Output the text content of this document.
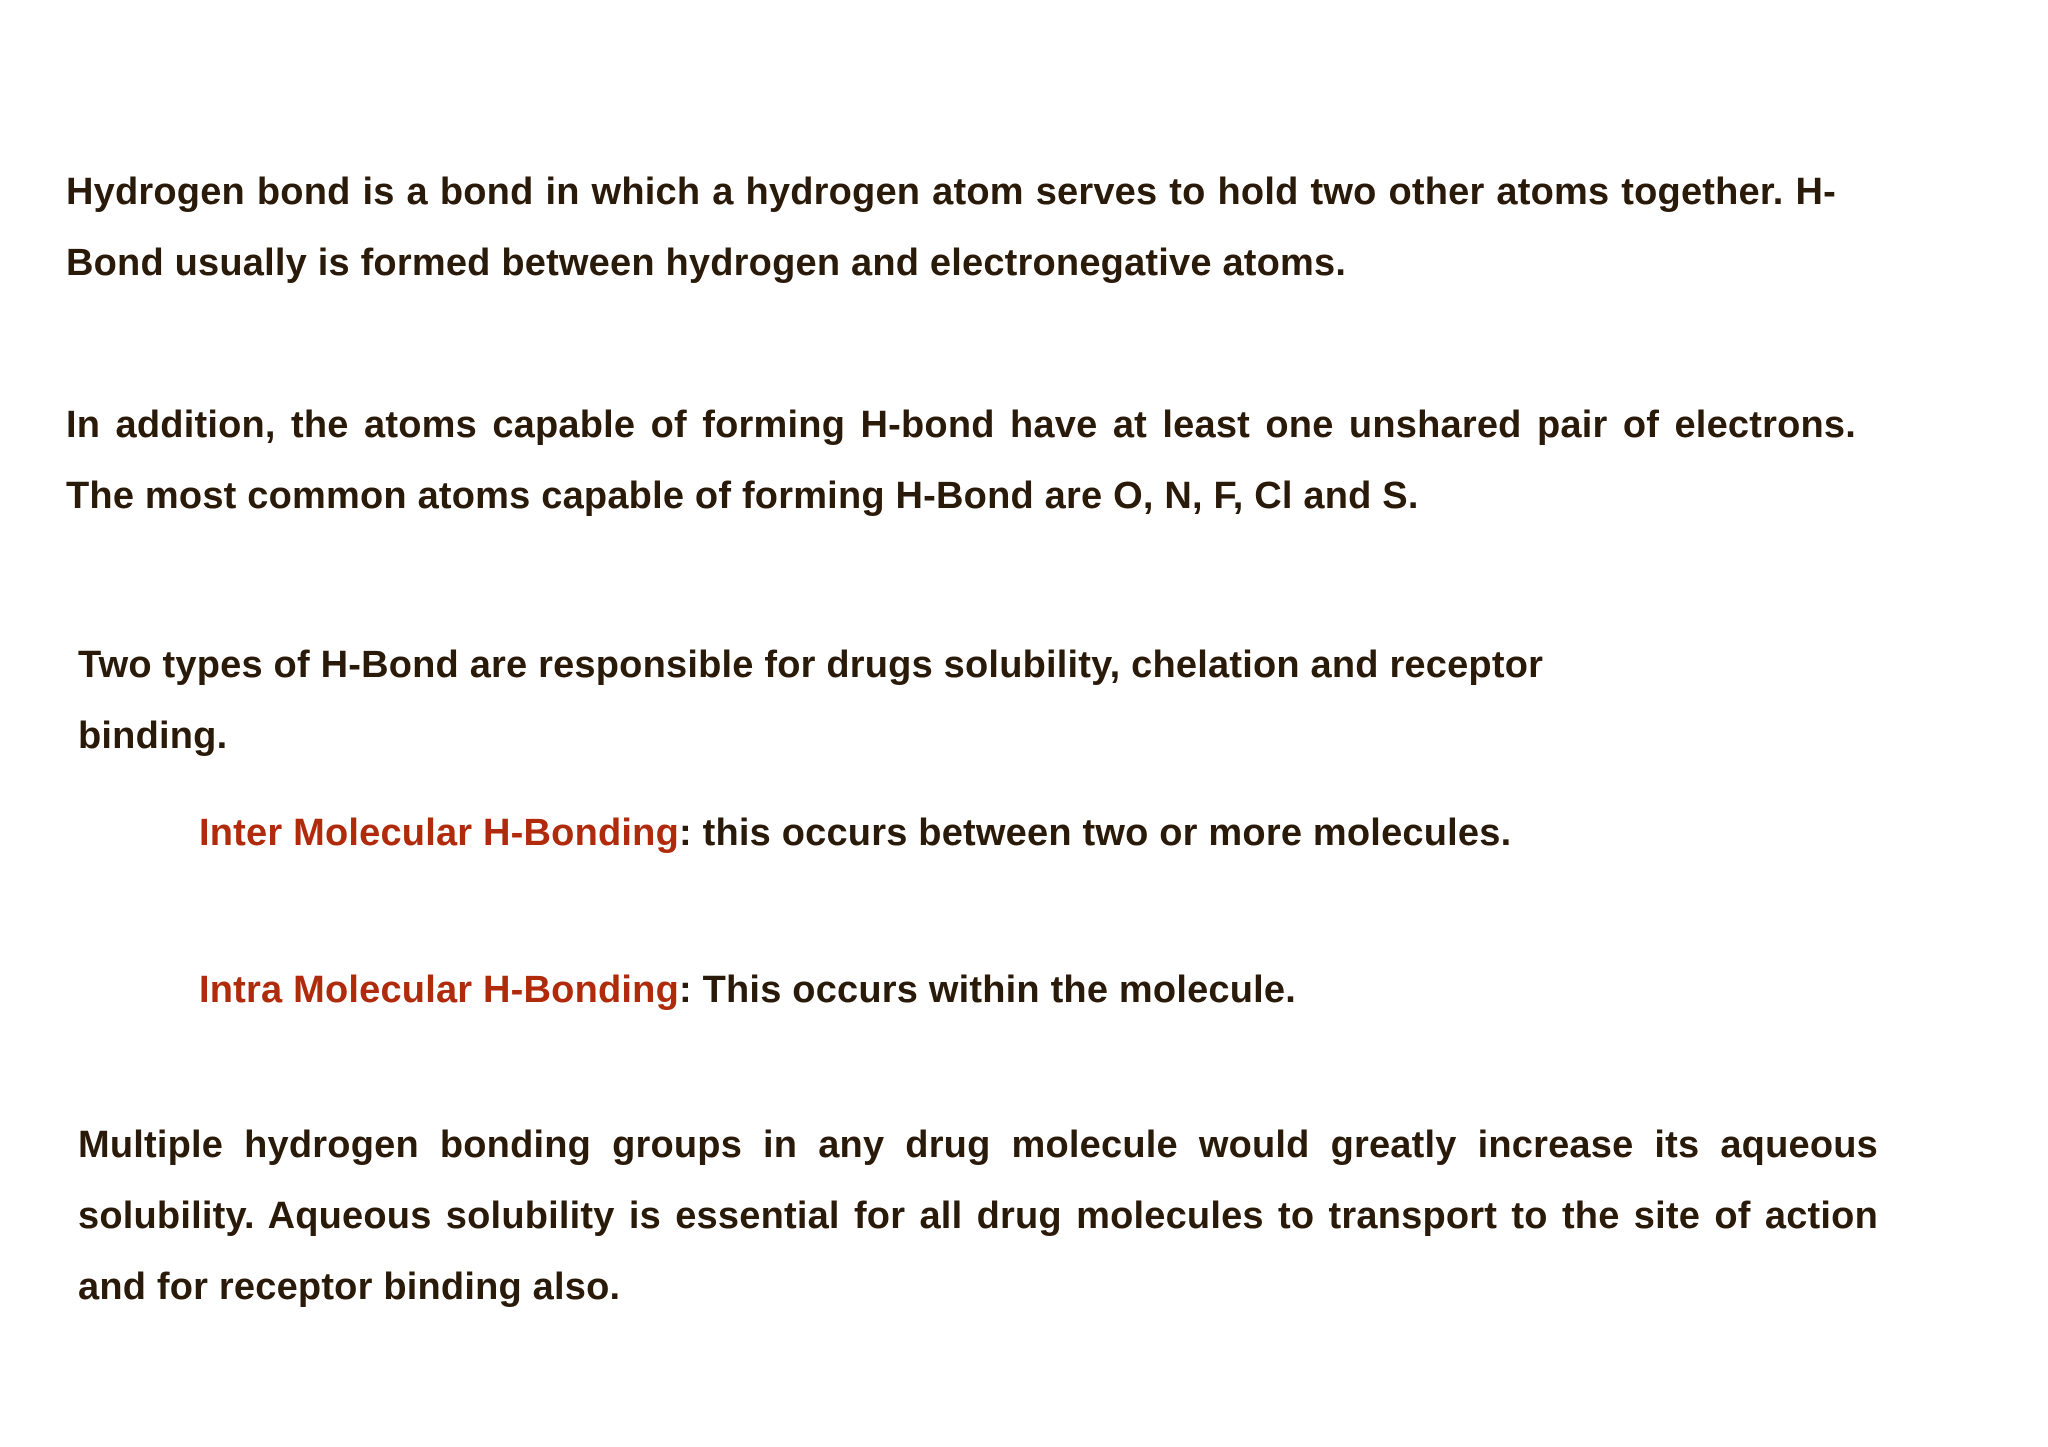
Hydrogen bond is a bond in which a hydrogen atom serves to hold two other atoms together. H-Bond usually is formed between hydrogen and electronegative atoms.

In addition, the atoms capable of forming H-bond have at least one unshared pair of electrons. The most common atoms capable of forming H-Bond are O, N, F, Cl and S.

Two types of H-Bond are responsible for drugs solubility, chelation and receptor binding.

Inter Molecular H-Bonding: this occurs between two or more molecules.

Intra Molecular H-Bonding: This occurs within the molecule.

Multiple hydrogen bonding groups in any drug molecule would greatly increase its aqueous solubility. Aqueous solubility is essential for all drug molecules to transport to the site of action and for receptor binding also.
